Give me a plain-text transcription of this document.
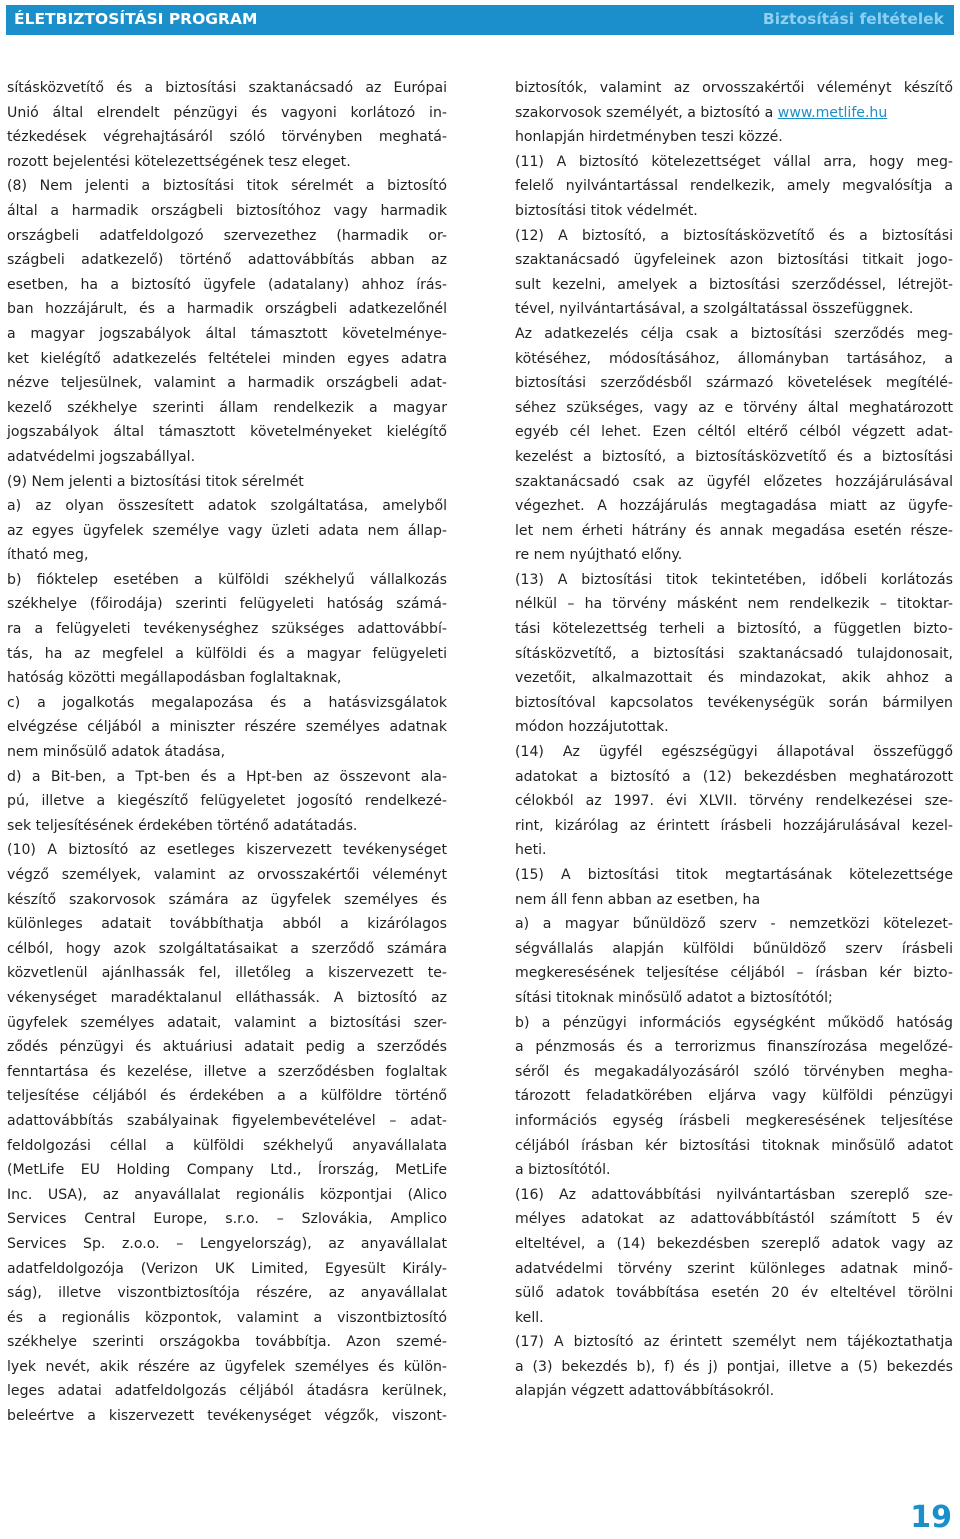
ÉLETBIZTOSÍTÁSI PROGRAM	Biztosítási feltételek
sításközvetítő és a biztosítási szaktanácsadó az Európai
Unió által elrendelt pénzügyi és vagyoni korlátozó in-
tézkedések végrehajtásáról szóló törvényben meghatá-
rozott bejelentési kötelezettségének tesz eleget.
(8) Nem jelenti a biztosítási titok sérelmét a biztosító
által a harmadik országbeli biztosítóhoz vagy harmadik
országbeli adatfeldolgozó szervezethez (harmadik or-
szágbeli adatkezelő) történő adattovábbítás abban az
esetben, ha a biztosító ügyfele (adatalany) ahhoz írás-
ban hozzájárult, és a harmadik országbeli adatkezelőnél
a magyar jogszabályok által támasztott követelménye-
ket kielégítő adatkezelés feltételei minden egyes adatra
nézve teljesülnek, valamint a harmadik országbeli adat-
kezelő székhelye szerinti állam rendelkezik a magyar
jogszabályok által támasztott követelményeket kielégítő
adatvédelmi jogszabállyal.
(9) Nem jelenti a biztosítási titok sérelmét
a) az olyan összesített adatok szolgáltatása, amelyből
az egyes ügyfelek személye vagy üzleti adata nem állap-
ítható meg,
b) fióktelep esetében a külföldi székhelyű vállalkozás
székhelye (főirodája) szerinti felügyeleti hatóság számá-
ra a felügyeleti tevékenységhez szükséges adattovábbí-
tás, ha az megfelel a külföldi és a magyar felügyeleti
hatóság közötti megállapodásban foglaltaknak,
c) a jogalkotás megalapozása és a hatásvizsgálatok
elvégzése céljából a miniszter részére személyes adatnak
nem minősülő adatok átadása,
d) a Bit-ben, a Tpt-ben és a Hpt-ben az összevont ala-
pú, illetve a kiegészítő felügyeletet jogosító rendelkezé-
sek teljesítésének érdekében történő adatátadás.
(10) A biztosító az esetleges kiszervezett tevékenységet
végző személyek, valamint az orvosszakértői véleményt
készítő szakorvosok számára az ügyfelek személyes és
különleges adatait továbbíthatja abból a kizárólagos
célból, hogy azok szolgáltatásaikat a szerződő számára
közvetlenül ajánlhassák fel, illetőleg a kiszervezett te-
vékenységet maradéktalanul elláthassák. A biztosító az
ügyfelek személyes adatait, valamint a biztosítási szer-
ződés pénzügyi és aktuáriusi adatait pedig a szerződés
fenntartása és kezelése, illetve a szerződésben foglaltak
teljesítése céljából és érdekében a a külföldre történő
adattovábbítás szabályainak figyelembevételével – adat-
feldolgozási céllal a külföldi székhelyű anyavállalata
(MetLife EU Holding Company Ltd., Írország, MetLife
Inc. USA), az anyavállalat regionális központjai (Alico
Services Central Europe, s.r.o. – Szlovákia, Amplico
Services Sp. z.o.o. – Lengyelország), az anyavállalat
adatfeldolgozója (Verizon UK Limited, Egyesült Király-
ság), illetve viszontbiztosítója részére, az anyavállalat
és a regionális központok, valamint a viszontbiztosító
székhelye szerinti országokba továbbítja. Azon szemé-
lyek nevét, akik részére az ügyfelek személyes és külön-
leges adatai adatfeldolgozás céljából átadásra kerülnek,
beleértve a kiszervezett tevékenységet végzők, viszont-
biztosítók, valamint az orvosszakértői véleményt készítő
szakorvosok személyét, a biztosító a www.metlife.hu
honlapján hirdetményben teszi közzé.
(11) A biztosító kötelezettséget vállal arra, hogy meg-
felelő nyilvántartással rendelkezik, amely megvalósítja a
biztosítási titok védelmét.
(12) A biztosító, a biztosításközvetítő és a biztosítási
szaktanácsadó ügyfeleinek azon biztosítási titkait jogo-
sult kezelni, amelyek a biztosítási szerződéssel, létrejöt-
tével, nyilvántartásával, a szolgáltatással összefüggnek.
Az adatkezelés célja csak a biztosítási szerződés meg-
kötéséhez, módosításához, állományban tartásához, a
biztosítási szerződésből származó követelések megítélé-
séhez szükséges, vagy az e törvény által meghatározott
egyéb cél lehet. Ezen céltól eltérő célból végzett adat-
kezelést a biztosító, a biztosításközvetítő és a biztosítási
szaktanácsadó csak az ügyfél előzetes hozzájárulásával
végezhet. A hozzájárulás megtagadása miatt az ügyfe-
let nem érheti hátrány és annak megadása esetén része-
re nem nyújtható előny.
(13) A biztosítási titok tekintetében, időbeli korlátozás
nélkül – ha törvény másként nem rendelkezik – titoktar-
tási kötelezettség terheli a biztosító, a független bizto-
sításközvetítő, a biztosítási szaktanácsadó tulajdonosait,
vezetőit, alkalmazottait és mindazokat, akik ahhoz a
biztosítóval kapcsolatos tevékenységük során bármilyen
módon hozzájutottak.
(14) Az ügyfél egészségügyi állapotával összefüggő
adatokat a biztosító a (12) bekezdésben meghatározott
célokból az 1997. évi XLVII. törvény rendelkezései sze-
rint, kizárólag az érintett írásbeli hozzájárulásával kezel-
heti.
(15) A biztosítási titok megtartásának kötelezettsége
nem áll fenn abban az esetben, ha
a) a magyar bűnüldöző szerv - nemzetközi kötelezet-
ségvállalás alapján külföldi bűnüldöző szerv írásbeli
megkeresésének teljesítése céljából – írásban kér bizto-
sítási titoknak minősülő adatot a biztosítótól;
b) a pénzügyi információs egységként működő hatóság
a pénzmosás és a terrorizmus finanszírozása megelőzé-
séről és megakadályozásáról szóló törvényben megha-
tározott feladatkörében eljárva vagy külföldi pénzügyi
információs egység írásbeli megkeresésének teljesítése
céljából írásban kér biztosítási titoknak minősülő adatot
a biztosítótól.
(16) Az adattovábbítási nyilvántartásban szereplő sze-
mélyes adatokat az adattovábbítástól számított 5 év
elteltével, a (14) bekezdésben szereplő adatok vagy az
adatvédelmi törvény szerint különleges adatnak minő-
sülő adatok továbbítása esetén 20 év elteltével törölni
kell.
(17) A biztosító az érintett személyt nem tájékoztathatja
a (3) bekezdés b), f) és j) pontjai, illetve a (5) bekezdés
alapján végzett adattovábbításokról.
19
